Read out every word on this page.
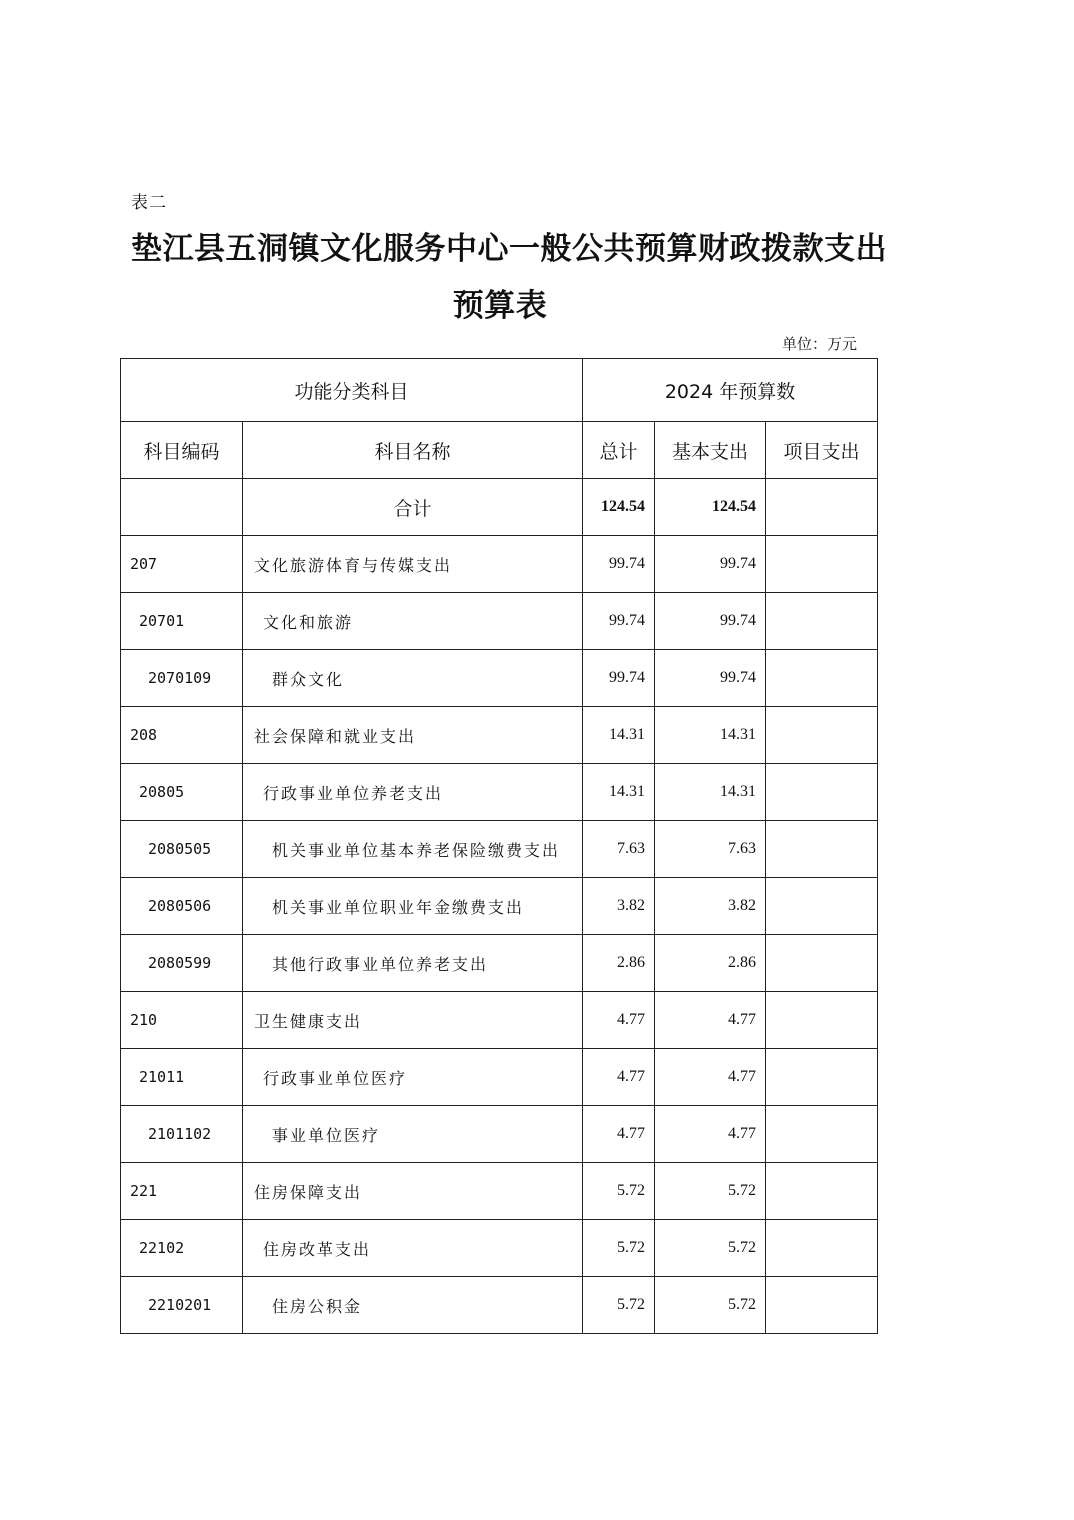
表二
垫江县五洞镇文化服务中心一般公共预算财政拨款支出
预算表
单位：万元
功能分类科目		2024 年预算数		
科目编码	科目名称	总计	基本支出	项目支出
	合计	124.54	124.54	
207	文化旅游体育与传媒支出	99.74	99.74	
20701	文化和旅游	99.74	99.74	
2070109	群众文化	99.74	99.74	
208	社会保障和就业支出	14.31	14.31	
20805	行政事业单位养老支出	14.31	14.31	
2080505	机关事业单位基本养老保险缴费支出	7.63	7.63	
2080506	机关事业单位职业年金缴费支出	3.82	3.82	
2080599	其他行政事业单位养老支出	2.86	2.86	
210	卫生健康支出	4.77	4.77	
21011	行政事业单位医疗	4.77	4.77	
2101102	事业单位医疗	4.77	4.77	
221	住房保障支出	5.72	5.72	
22102	住房改革支出	5.72	5.72	
2210201	住房公积金	5.72	5.72	
